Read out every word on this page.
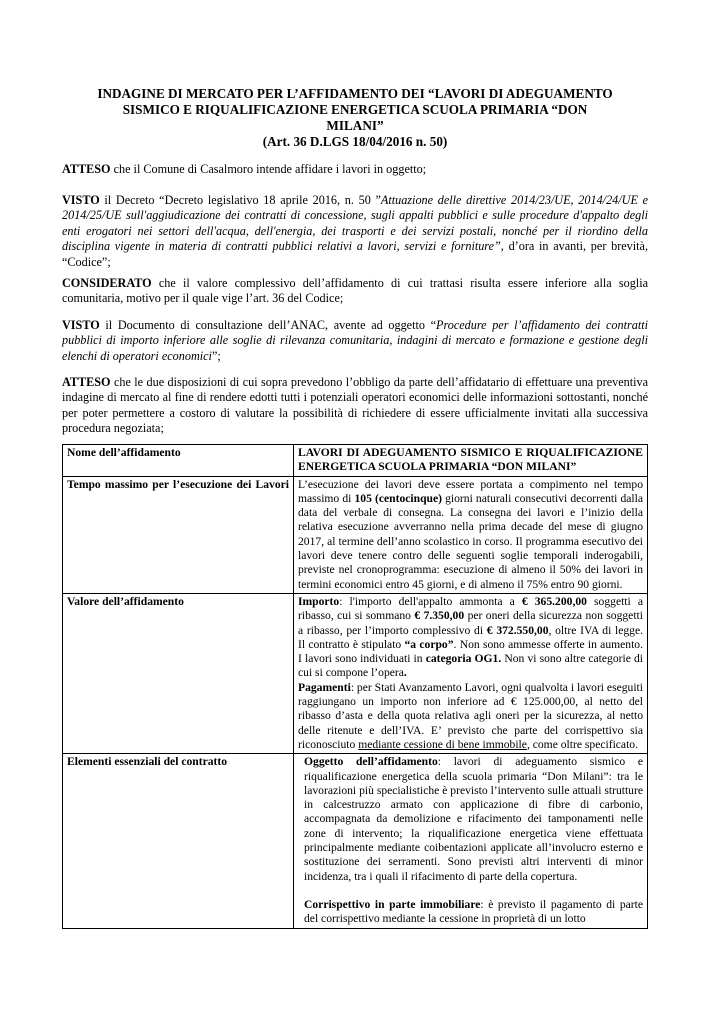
INDAGINE DI MERCATO PER L’AFFIDAMENTO DEI “LAVORI DI ADEGUAMENTO
SISMICO E RIQUALIFICAZIONE ENERGETICA SCUOLA PRIMARIA “DON
MILANI”
(Art. 36 D.LGS 18/04/2016 n. 50)

ATTESO che il Comune di Casalmoro intende affidare i lavori in oggetto;

VISTO il Decreto “Decreto legislativo 18 aprile 2016, n. 50 ”Attuazione delle direttive 2014/23/UE, 2014/24/UE e 2014/25/UE sull'aggiudicazione dei contratti di concessione, sugli appalti pubblici e sulle procedure d'appalto degli enti erogatori nei settori dell'acqua, dell'energia, dei trasporti e dei servizi postali, nonché per il riordino della disciplina vigente in materia di contratti pubblici relativi a lavori, servizi e forniture”, d’ora in avanti, per brevità, “Codice”;

CONSIDERATO che il valore complessivo dell’affidamento di cui trattasi risulta essere inferiore alla soglia comunitaria, motivo per il quale vige l’art. 36 del Codice;

VISTO il Documento di consultazione dell’ANAC, avente ad oggetto “Procedure per l’affidamento dei contratti pubblici di importo inferiore alle soglie di rilevanza comunitaria, indagini di mercato e formazione e gestione degli elenchi di operatori economici”;

ATTESO che le due disposizioni di cui sopra prevedono l’obbligo da parte dell’affidatario di effettuare una preventiva indagine di mercato al fine di rendere edotti tutti i potenziali operatori economici delle informazioni sottostanti, nonché per poter permettere a costoro di valutare la possibilità di richiedere di essere ufficialmente invitati alla successiva procedura negoziata;

Nome dell’affidamento	LAVORI DI ADEGUAMENTO SISMICO E RIQUALIFICAZIONE ENERGETICA SCUOLA PRIMARIA “DON MILANI”
Tempo massimo per l’esecuzione dei Lavori	L’esecuzione dei lavori deve essere portata a compimento nel tempo massimo di 105 (centocinque) giorni naturali consecutivi decorrenti dalla data del verbale di consegna. La consegna dei lavori e l’inizio della relativa esecuzione avverranno nella prima decade del mese di giugno 2017, al termine dell’anno scolastico in corso. Il programma esecutivo dei lavori deve tenere contro delle seguenti soglie temporali inderogabili, previste nel cronoprogramma: esecuzione di almeno il 50% dei lavori in termini economici entro 45 giorni, e di almeno il 75% entro 90 giorni.
Valore dell’affidamento	Importo: l'importo dell'appalto ammonta a € 365.200,00 soggetti a ribasso, cui si sommano € 7.350,00 per oneri della sicurezza non soggetti a ribasso, per l’importo complessivo di € 372.550,00, oltre IVA di legge. Il contratto è stipulato “a corpo”. Non sono ammesse offerte in aumento. I lavori sono individuati in categoria OG1. Non vi sono altre categorie di cui si compone l’opera.
Pagamenti: per Stati Avanzamento Lavori, ogni qualvolta i lavori eseguiti raggiungano un importo non inferiore ad € 125.000,00, al netto del ribasso d’asta e della quota relativa agli oneri per la sicurezza, al netto delle ritenute e dell’IVA. E’ previsto che parte del corrispettivo sia riconosciuto mediante cessione di bene immobile, come oltre specificato.
Elementi essenziali del contratto	Oggetto dell’affidamento: lavori di adeguamento sismico e riqualificazione energetica della scuola primaria “Don Milani”: tra le lavorazioni più specialistiche è previsto l’intervento sulle attuali strutture in calcestruzzo armato con applicazione di fibre di carbonio, accompagnata da demolizione e rifacimento dei tamponamenti nelle zone di intervento; la riqualificazione energetica viene effettuata principalmente mediante coibentazioni applicate all’involucro esterno e sostituzione dei serramenti. Sono previsti altri interventi di minor incidenza, tra i quali il rifacimento di parte della copertura.
Corrispettivo in parte immobiliare: è previsto il pagamento di parte del corrispettivo mediante la cessione in proprietà di un lotto
